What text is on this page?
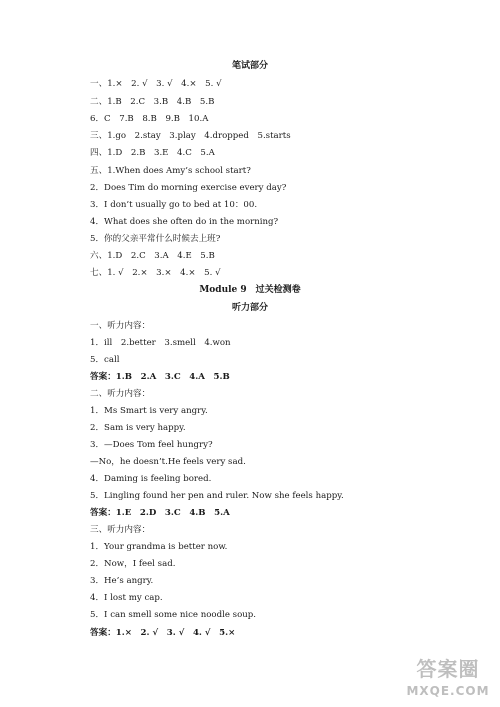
笔试部分
一、1.×　2. √　3. √　4.×　5. √
二、1.B　2.C　3.B　4.B　5.B
6．C　7.B　8.B　9.B　10.A
三、1.go　2.stay　3.play　4.dropped　5.starts
四、1.D　2.B　3.E　4.C　5.A
五、1.When does Amy’s school start?
2．Does Tim do morning exercise every day?
3．I don’t usually go to bed at 10：00.
4．What does she often do in the morning?
5．你的父亲平常什么时候去上班?
六、1.D　2.C　3.A　4.E　5.B
七、1. √　2.×　3.×　4.×　5. √
Module 9　过关检测卷
听力部分
一、听力内容：
1．ill　2.better　3.smell　4.won
5．call
答案：1.B　2.A　3.C　4.A　5.B
二、听力内容：
1．Ms Smart is very angry.
2．Sam is very happy.
3．—Does Tom feel hungry?
—No，he doesn’t.He feels very sad.
4．Daming is feeling bored.
5．Lingling found her pen and ruler. Now she feels happy.
答案：1.E　2.D　3.C　4.B　5.A
三、听力内容：
1．Your grandma is better now.
2．Now，I feel sad.
3．He’s angry.
4．I lost my cap.
5．I can smell some nice noodle soup.
答案：1.×　2. √　3. √　4. √　5.×
答案圈
MXQE.COM
